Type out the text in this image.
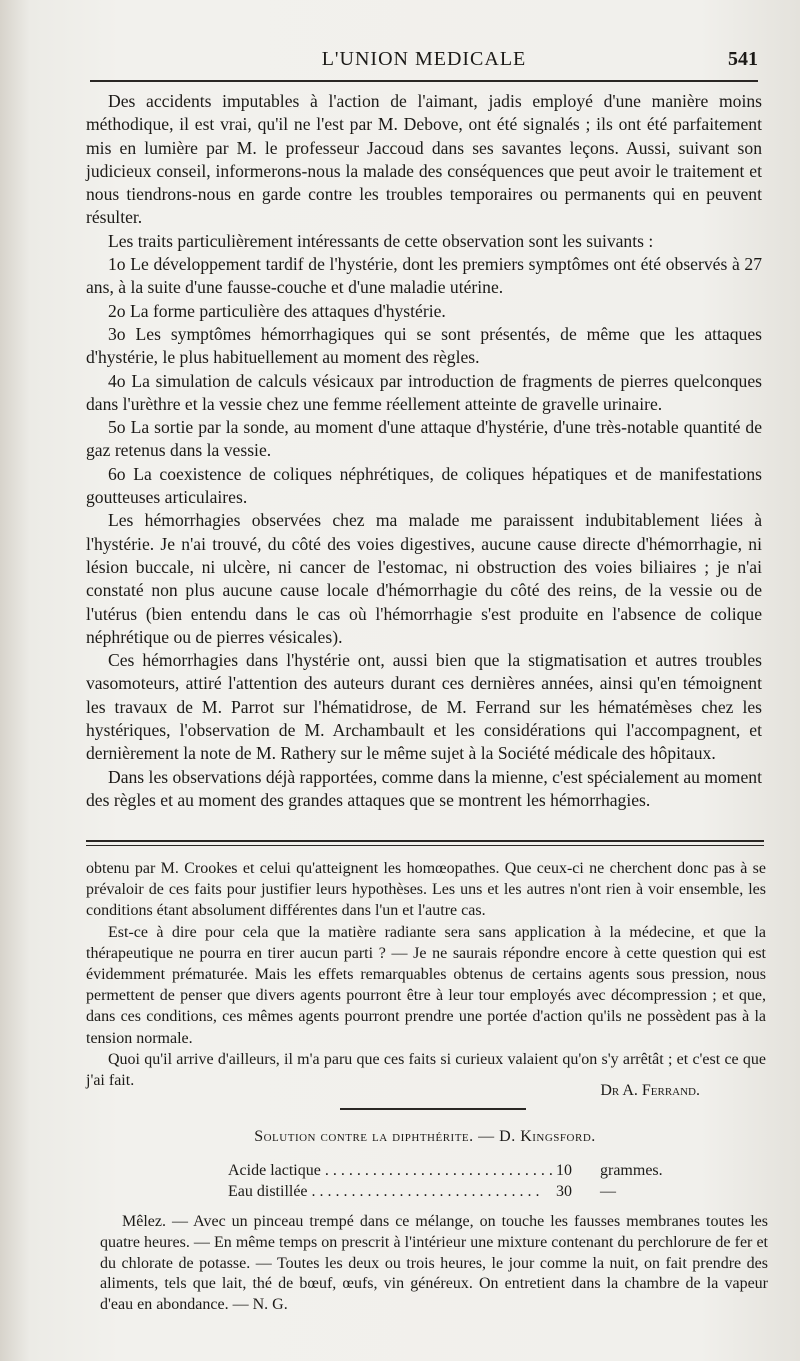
L'UNION MEDICALE	541

Des accidents imputables à l'action de l'aimant, jadis employé d'une manière moins méthodique, il est vrai, qu'il ne l'est par M. Debove, ont été signalés ; ils ont été parfaitement mis en lumière par M. le professeur Jaccoud dans ses savantes leçons. Aussi, suivant son judicieux conseil, informerons-nous la malade des conséquences que peut avoir le traitement et nous tiendrons-nous en garde contre les troubles temporaires ou permanents qui en peuvent résulter.

Les traits particulièrement intéressants de cette observation sont les suivants :

1o Le développement tardif de l'hystérie, dont les premiers symptômes ont été observés à 27 ans, à la suite d'une fausse-couche et d'une maladie utérine.

2o La forme particulière des attaques d'hystérie.

3o Les symptômes hémorrhagiques qui se sont présentés, de même que les attaques d'hystérie, le plus habituellement au moment des règles.

4o La simulation de calculs vésicaux par introduction de fragments de pierres quelconques dans l'urèthre et la vessie chez une femme réellement atteinte de gravelle urinaire.

5o La sortie par la sonde, au moment d'une attaque d'hystérie, d'une très-notable quantité de gaz retenus dans la vessie.

6o La coexistence de coliques néphrétiques, de coliques hépatiques et de manifestations goutteuses articulaires.

Les hémorrhagies observées chez ma malade me paraissent indubitablement liées à l'hystérie. Je n'ai trouvé, du côté des voies digestives, aucune cause directe d'hémorrhagie, ni lésion buccale, ni ulcère, ni cancer de l'estomac, ni obstruction des voies biliaires ; je n'ai constaté non plus aucune cause locale d'hémorrhagie du côté des reins, de la vessie ou de l'utérus (bien entendu dans le cas où l'hémorrhagie s'est produite en l'absence de colique néphrétique ou de pierres vésicales).

Ces hémorrhagies dans l'hystérie ont, aussi bien que la stigmatisation et autres troubles vasomoteurs, attiré l'attention des auteurs durant ces dernières années, ainsi qu'en témoignent les travaux de M. Parrot sur l'hématidrose, de M. Ferrand sur les hématémèses chez les hystériques, l'observation de M. Archambault et les considérations qui l'accompagnent, et dernièrement la note de M. Rathery sur le même sujet à la Société médicale des hôpitaux.

Dans les observations déjà rapportées, comme dans la mienne, c'est spécialement au moment des règles et au moment des grandes attaques que se montrent les hémorrhagies.

obtenu par M. Crookes et celui qu'atteignent les homœopathes. Que ceux-ci ne cherchent donc pas à se prévaloir de ces faits pour justifier leurs hypothèses. Les uns et les autres n'ont rien à voir ensemble, les conditions étant absolument différentes dans l'un et l'autre cas.

Est-ce à dire pour cela que la matière radiante sera sans application à la médecine, et que la thérapeutique ne pourra en tirer aucun parti ? — Je ne saurais répondre encore à cette question qui est évidemment prématurée. Mais les effets remarquables obtenus de certains agents sous pression, nous permettent de penser que divers agents pourront être à leur tour employés avec décompression ; et que, dans ces conditions, ces mêmes agents pourront prendre une portée d'action qu'ils ne possèdent pas à la tension normale.

Quoi qu'il arrive d'ailleurs, il m'a paru que ces faits si curieux valaient qu'on s'y arrêtât ; et c'est ce que j'ai fait.

Dr A. Ferrand.
Solution contre la diphthérite. — D. Kingsford.
Acide lactique . . .	10	grammes.
Eau distillée . . .	30	—

Mêlez. — Avec un pinceau trempé dans ce mélange, on touche les fausses membranes toutes les quatre heures. — En même temps on prescrit à l'intérieur une mixture contenant du perchlorure de fer et du chlorate de potasse. — Toutes les deux ou trois heures, le jour comme la nuit, on fait prendre des aliments, tels que lait, thé de bœuf, œufs, vin généreux. On entretient dans la chambre de la vapeur d'eau en abondance. — N. G.
